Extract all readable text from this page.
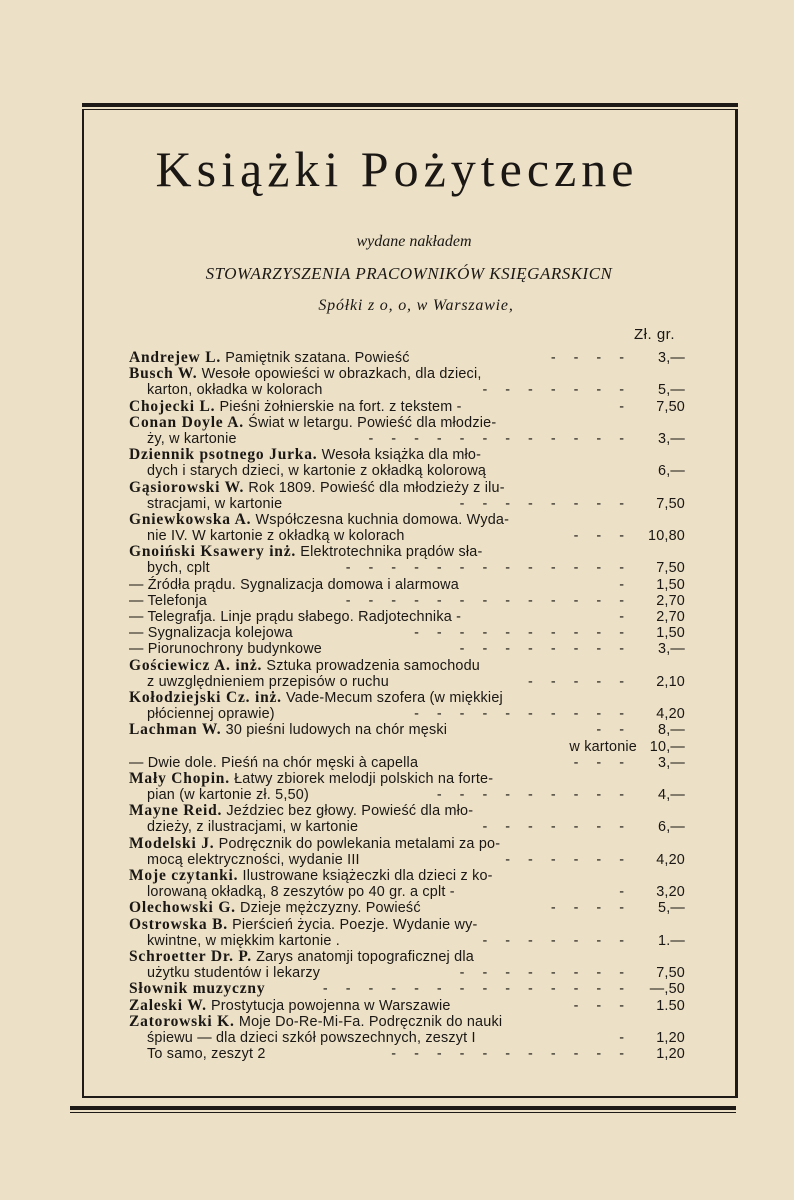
Książki Pożyteczne
wydane nakładem
STOWARZYSZENIA PRACOWNIKÓW KSIĘGARSKICN
Spółki z o, o, w Warszawie,
Zł. gr.
Andrejew L. Pamiętnik szatana. Powieść	- - - - 3,—
Busch W. Wesołe opowieści w obrazkach, dla dzieci,
karton, okładka w kolorach	- - - - - - - 5,—
Chojecki L. Pieśni żołnierskie na fort. z tekstem -	- 7,50
Conan Doyle A. Świat w letargu. Powieść dla młodzie-
ży, w kartonie	- - - - - - - - - - - - 3,—
Dziennik psotnego Jurka. Wesoła książka dla mło-
dych i starych dzieci, w kartonie z okładką kolorową	6,—
Gąsiorowski W. Rok 1809. Powieść dla młodzieży z ilu-
stracjami, w kartonie	- - - - - - - - 7,50
Gniewkowska A. Współczesna kuchnia domowa. Wyda-
nie IV. W kartonie z okładką w kolorach	- - - 10,80
Gnoiński Ksawery inż. Elektrotechnika prądów sła-
bych, cplt	- - - - - - - - - - - - - 7,50
— Źródła prądu. Sygnalizacja domowa i alarmowa	- 1,50
— Telefonja	- - - - - - - - - - - - - 2,70
— Telegrafja. Linje prądu słabego. Radjotechnika -	- 2,70
— Sygnalizacja kolejowa	- - - - - - - - - - 1,50
— Piorunochrony budynkowe	- - - - - - - - 3,—
Gościewicz A. inż. Sztuka prowadzenia samochodu
z uwzględnieniem przepisów o ruchu	- - - - - 2,10
Kołodziejski Cz. inż. Vade-Mecum szofera (w miękkiej
płóciennej oprawie)	- - - - - - - - - - 4,20
Lachman W. 30 pieśni ludowych na chór męski	- - 8,—
w kartonie 10,—
— Dwie dole. Pieśń na chór męski à capella	- - - 3,—
Mały Chopin. Łatwy zbiorek melodji polskich na forte-
pian (w kartonie zł. 5,50)	- - - - - - - - - 4,—
Mayne Reid. Jeździec bez głowy. Powieść dla mło-
dzieży, z ilustracjami, w kartonie	- - - - - - - 6,—
Modelski J. Podręcznik do powlekania metalami za po-
mocą elektryczności, wydanie III	- - - - - - 4,20
Moje czytanki. Ilustrowane książeczki dla dzieci z ko-
lorowaną okładką, 8 zeszytów po 40 gr. a cplt -	- 3,20
Olechowski G. Dzieje mężczyzny. Powieść	- - - - 5,—
Ostrowska B. Pierścień życia. Poezje. Wydanie wy-
kwintne, w miękkim kartonie .	- - - - - - - 1.—
Schroetter Dr. P. Zarys anatomji topograficznej dla
użytku studentów i lekarzy	- - - - - - - - 7,50
Słownik muzyczny	- - - - - - - - - - - - - - —,50
Zaleski W. Prostytucja powojenna w Warszawie	- - - 1.50
Zatorowski K. Moje Do-Re-Mi-Fa. Podręcznik do nauki
śpiewu — dla dzieci szkół powszechnych, zeszyt I	- 1,20
To samo, zeszyt 2	- - - - - - - - - - - 1,20
